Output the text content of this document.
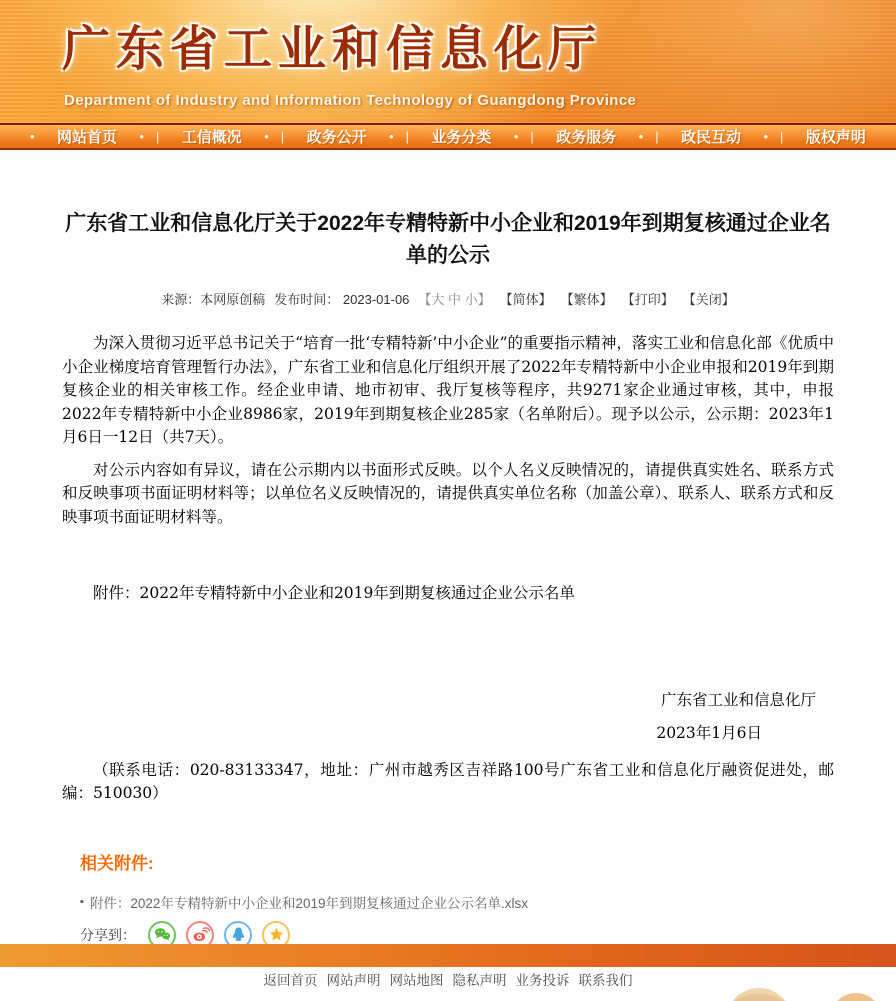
广东省工业和信息化厅
Department of Industry and Information Technology of Guangdong Province
•
网站首页 • |	工信概况 • |	政务公开 • |	业务分类 • |	政务服务 • |	政民互动 • |	版权声明
广东省工业和信息化厅关于2022年专精特新中小企业和2019年到期复核通过企业名单的公示
来源：本网原创稿 发布时间： 2023-01-06 【大 中 小】 【简体】 【繁体】 【打印】 【关闭】

为深入贯彻习近平总书记关于“培育一批‘专精特新’中小企业”的重要指示精神，落实工业和信息化部《优质中小企业梯度培育管理暂行办法》，广东省工业和信息化厅组织开展了2022年专精特新中小企业申报和2019年到期复核企业的相关审核工作。经企业申请、地市初审、我厅复核等程序，共9271家企业通过审核，其中，申报2022年专精特新中小企业8986家，2019年到期复核企业285家（名单附后）。现予以公示，公示期：2023年1月6日一12日（共7天）。

对公示内容如有异议，请在公示期内以书面形式反映。以个人名义反映情况的，请提供真实姓名、联系方式和反映事项书面证明材料等；以单位名义反映情况的，请提供真实单位名称（加盖公章）、联系人、联系方式和反映事项书面证明材料等。

附件：2022年专精特新中小企业和2019年到期复核通过企业公示名单
广东省工业和信息化厅
2023年1月6日

（联系电话：020-83133347，地址：广州市越秀区吉祥路100号广东省工业和信息化厅融资促进处，邮编：510030）

相关附件:
▪ 附件：2022年专精特新中小企业和2019年到期复核通过企业公示名单.xlsx
分享到：
返回首页 网站声明 网站地图 隐私声明 业务投诉 联系我们
